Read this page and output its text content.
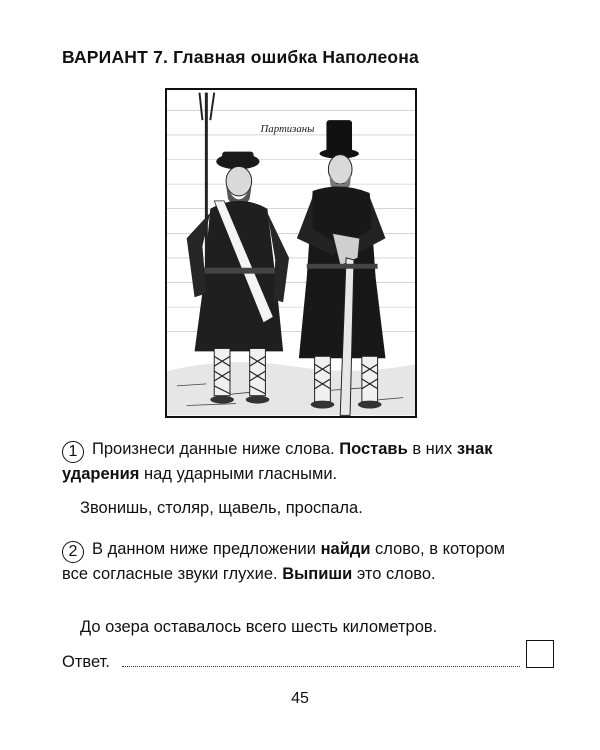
ВАРИАНТ 7. Главная ошибка Наполеона
Партизаны

1 Произнеси данные ниже слова. Поставь в них знак ударения над ударными гласными.

Звонишь, столяр, щавель, проспала.

2 В данном ниже предложении найди слово, в котором все согласные звуки глухие. Выпиши это слово.

До озера оставалось всего шесть километров.
Ответ.
45
